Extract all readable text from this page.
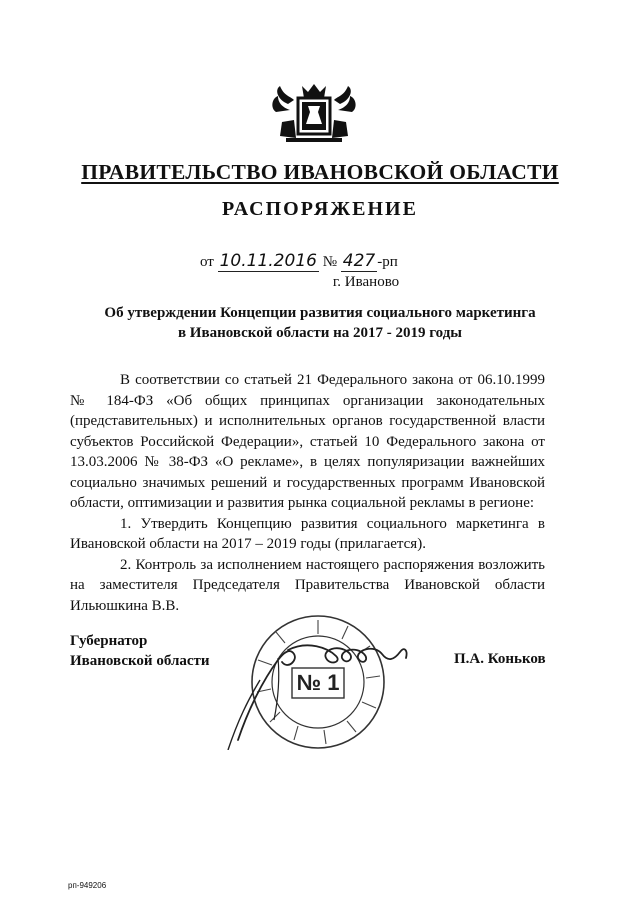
ПРАВИТЕЛЬСТВО ИВАНОВСКОЙ ОБЛАСТИ
РАСПОРЯЖЕНИЕ
от 10.11.2016 № 427 -рп
г. Иваново
Об утверждении Концепции развития социального маркетинга
в Ивановской области на 2017 - 2019 годы

В соответствии со статьей 21 Федерального закона от 06.10.1999 № 184-ФЗ «Об общих принципах организации законодательных (представительных) и исполнительных органов государственной власти субъектов Российской Федерации», статьей 10 Федерального закона от 13.03.2006 № 38-ФЗ «О рекламе», в целях популяризации важнейших социально значимых решений и государственных программ Ивановской области, оптимизации и развития рынка социальной рекламы в регионе:

1. Утвердить Концепцию развития социального маркетинга в Ивановской области на 2017 – 2019 годы (прилагается).

2. Контроль за исполнением настоящего распоряжения возложить на заместителя Председателя Правительства Ивановской области Ильюшкина В.В.

Губернатор
Ивановской области	П.А. Коньков
№ 1
рп-949206
